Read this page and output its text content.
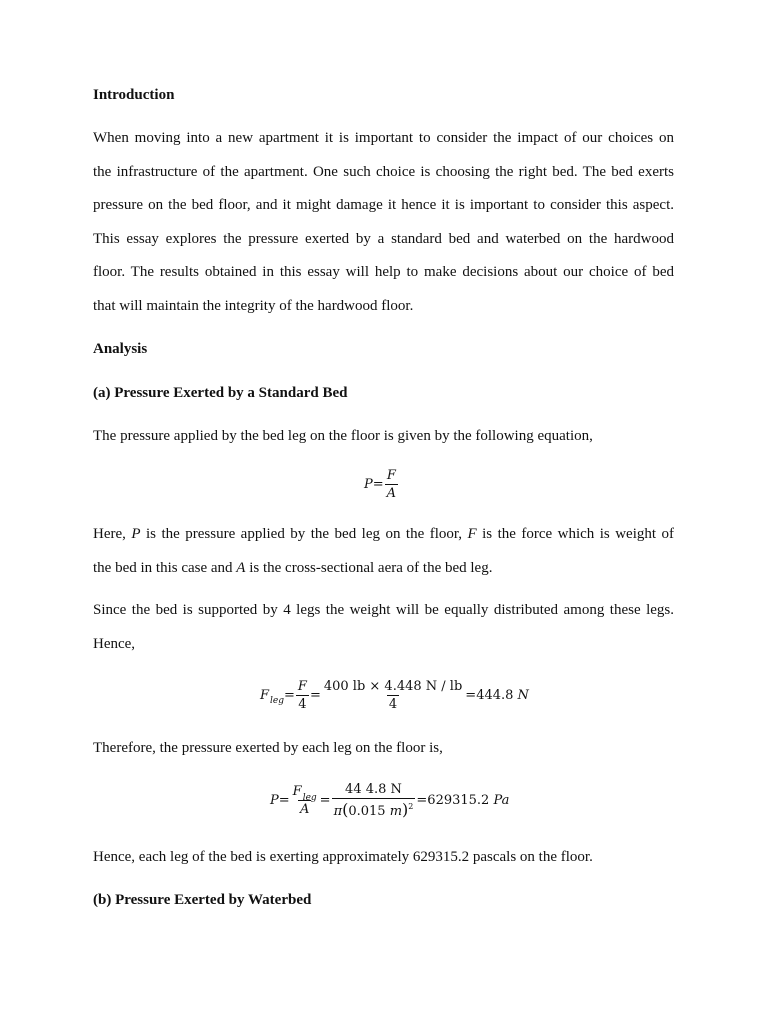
Introduction
When moving into a new apartment it is important to consider the impact of our choices on
the infrastructure of the apartment. One such choice is choosing the right bed. The bed exerts
pressure on the bed floor, and it might damage it hence it is important to consider this aspect.
This essay explores the pressure exerted by a standard bed and waterbed on the hardwood
floor. The results obtained in this essay will help to make decisions about our choice of bed
that will maintain the integrity of the hardwood floor.
Analysis
(a) Pressure Exerted by a Standard Bed
The pressure applied by the bed leg on the floor is given by the following equation,
$P = \frac{F}{A}$
Here, P is the pressure applied by the bed leg on the floor, F is the force which is weight of
the bed in this case and A is the cross-sectional aera of the bed leg.
Since the bed is supported by 4 legs the weight will be equally distributed among these legs.
Hence,
F leg = $\frac{F}{4} = \frac{400 lb \times 4.448 N / lb}{4} = 444.8$
N
Therefore, the pressure exerted by each leg on the floor is,
$P = \frac{F_{leg}}{A} = \frac{44 4.8 N}{\pi(0.015 m)^2} = 629315.2$
Pa
Hence, each leg of the bed is exerting approximately 629315.2 pascals on the floor.
(b) Pressure Exerted by Waterbed
